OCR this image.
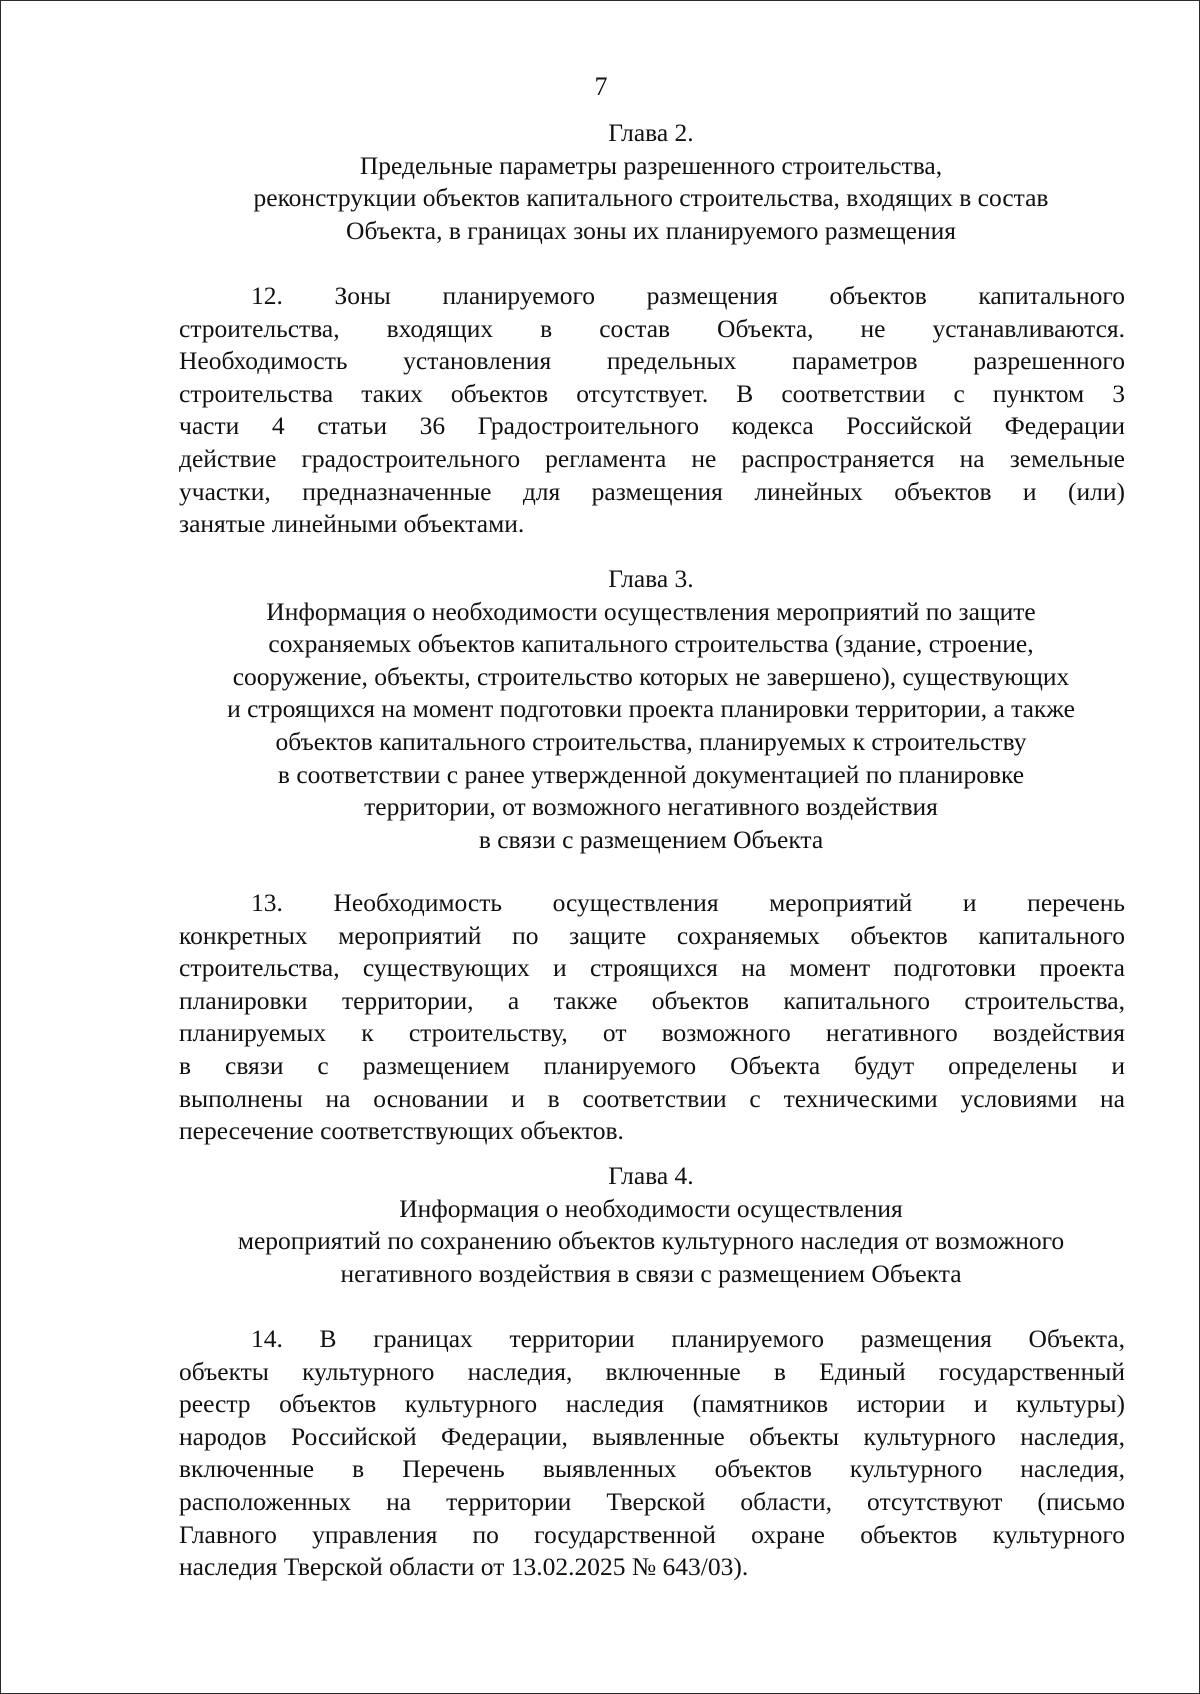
7
Глава 2.
Предельные параметры разрешенного строительства,
реконструкции объектов капитального строительства, входящих в состав
Объекта, в границах зоны их планируемого размещения
12. Зоны планируемого размещения объектов капитального
строительства, входящих в состав Объекта, не устанавливаются.
Необходимость установления предельных параметров разрешенного
строительства таких объектов отсутствует. В соответствии с пунктом 3
части 4 статьи 36 Градостроительного кодекса Российской Федерации
действие градостроительного регламента не распространяется на земельные
участки, предназначенные для размещения линейных объектов и (или)
занятые линейными объектами.
Глава 3.
Информация о необходимости осуществления мероприятий по защите
сохраняемых объектов капитального строительства (здание, строение,
сооружение, объекты, строительство которых не завершено), существующих
и строящихся на момент подготовки проекта планировки территории, а также
объектов капитального строительства, планируемых к строительству
в соответствии с ранее утвержденной документацией по планировке
территории, от возможного негативного воздействия
в связи с размещением Объекта
13. Необходимость осуществления мероприятий и перечень
конкретных мероприятий по защите сохраняемых объектов капитального
строительства, существующих и строящихся на момент подготовки проекта
планировки территории, а также объектов капитального строительства,
планируемых к строительству, от возможного негативного воздействия
в связи с размещением планируемого Объекта будут определены и
выполнены на основании и в соответствии с техническими условиями на
пересечение соответствующих объектов.
Глава 4.
Информация о необходимости осуществления
мероприятий по сохранению объектов культурного наследия от возможного
негативного воздействия в связи с размещением Объекта
14. В границах территории планируемого размещения Объекта,
объекты культурного наследия, включенные в Единый государственный
реестр объектов культурного наследия (памятников истории и культуры)
народов Российской Федерации, выявленные объекты культурного наследия,
включенные в Перечень выявленных объектов культурного наследия,
расположенных на территории Тверской области, отсутствуют (письмо
Главного управления по государственной охране объектов культурного
наследия Тверской области от 13.02.2025 № 643/03).
